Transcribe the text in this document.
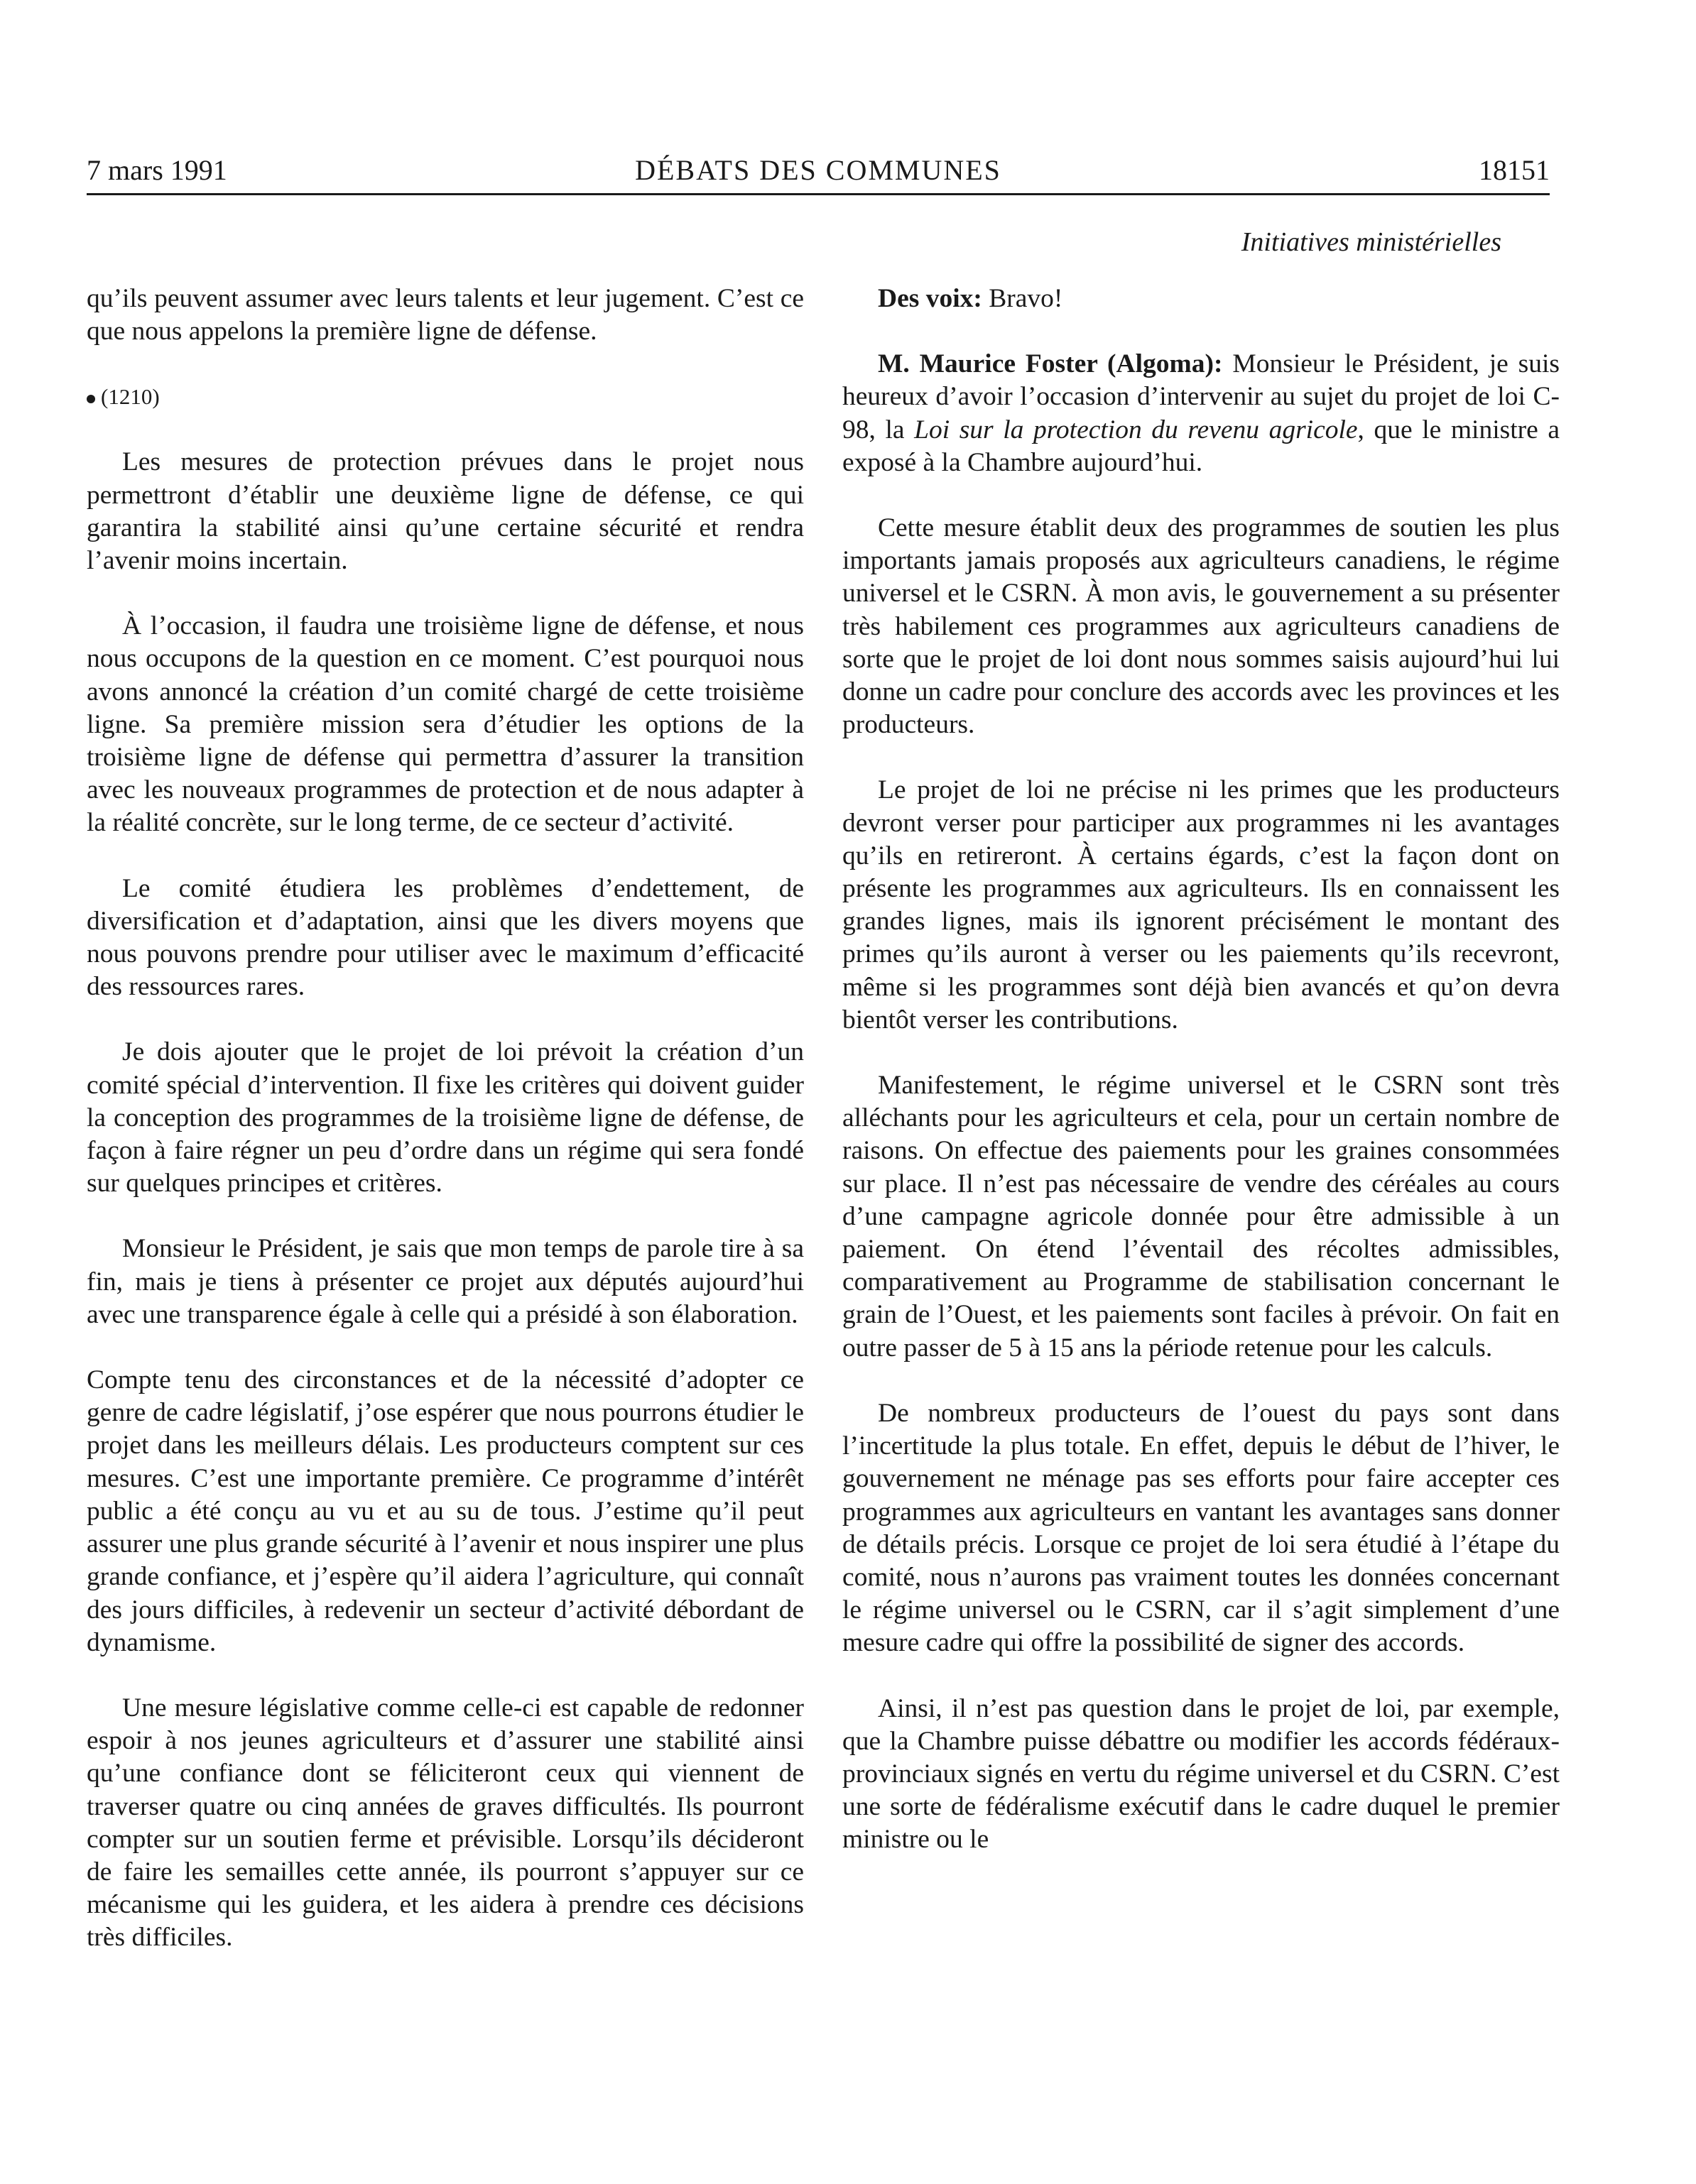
7 mars 1991	DÉBATS DES COMMUNES	18151
Initiatives ministérielles

qu’ils peuvent assumer avec leurs talents et leur jugement. C’est ce que nous appelons la première ligne de défense.

(1210)

Les mesures de protection prévues dans le projet nous permettront d’établir une deuxième ligne de défense, ce qui garantira la stabilité ainsi qu’une certaine sécurité et rendra l’avenir moins incertain.

À l’occasion, il faudra une troisième ligne de défense, et nous nous occupons de la question en ce moment. C’est pourquoi nous avons annoncé la création d’un comité chargé de cette troisième ligne. Sa première mission sera d’étudier les options de la troisième ligne de défense qui permettra d’assurer la transition avec les nouveaux programmes de protection et de nous adapter à la réalité concrète, sur le long terme, de ce secteur d’activité.

Le comité étudiera les problèmes d’endettement, de diversification et d’adaptation, ainsi que les divers moyens que nous pouvons prendre pour utiliser avec le maximum d’efficacité des ressources rares.

Je dois ajouter que le projet de loi prévoit la création d’un comité spécial d’intervention. Il fixe les critères qui doivent guider la conception des programmes de la troisième ligne de défense, de façon à faire régner un peu d’ordre dans un régime qui sera fondé sur quelques principes et critères.

Monsieur le Président, je sais que mon temps de parole tire à sa fin, mais je tiens à présenter ce projet aux députés aujourd’hui avec une transparence égale à celle qui a présidé à son élaboration.

Compte tenu des circonstances et de la nécessité d’adopter ce genre de cadre législatif, j’ose espérer que nous pourrons étudier le projet dans les meilleurs délais. Les producteurs comptent sur ces mesures. C’est une importante première. Ce programme d’intérêt public a été conçu au vu et au su de tous. J’estime qu’il peut assurer une plus grande sécurité à l’avenir et nous inspirer une plus grande confiance, et j’espère qu’il aidera l’agriculture, qui connaît des jours difficiles, à redevenir un secteur d’activité débordant de dynamisme.

Une mesure législative comme celle-ci est capable de redonner espoir à nos jeunes agriculteurs et d’assurer une stabilité ainsi qu’une confiance dont se féliciteront ceux qui viennent de traverser quatre ou cinq années de graves difficultés. Ils pourront compter sur un soutien ferme et prévisible. Lorsqu’ils décideront de faire les semailles cette année, ils pourront s’appuyer sur ce mécanisme qui les guidera, et les aidera à prendre ces décisions très difficiles.

Des voix: Bravo!

M. Maurice Foster (Algoma): Monsieur le Président, je suis heureux d’avoir l’occasion d’intervenir au sujet du projet de loi C-98, la Loi sur la protection du revenu agricole, que le ministre a exposé à la Chambre aujourd’hui.

Cette mesure établit deux des programmes de soutien les plus importants jamais proposés aux agriculteurs canadiens, le régime universel et le CSRN. À mon avis, le gouvernement a su présenter très habilement ces programmes aux agriculteurs canadiens de sorte que le projet de loi dont nous sommes saisis aujourd’hui lui donne un cadre pour conclure des accords avec les provinces et les producteurs.

Le projet de loi ne précise ni les primes que les producteurs devront verser pour participer aux programmes ni les avantages qu’ils en retireront. À certains égards, c’est la façon dont on présente les programmes aux agriculteurs. Ils en connaissent les grandes lignes, mais ils ignorent précisément le montant des primes qu’ils auront à verser ou les paiements qu’ils recevront, même si les programmes sont déjà bien avancés et qu’on devra bientôt verser les contributions.

Manifestement, le régime universel et le CSRN sont très alléchants pour les agriculteurs et cela, pour un certain nombre de raisons. On effectue des paiements pour les graines consommées sur place. Il n’est pas nécessaire de vendre des céréales au cours d’une campagne agricole donnée pour être admissible à un paiement. On étend l’éventail des récoltes admissibles, comparativement au Programme de stabilisation concernant le grain de l’Ouest, et les paiements sont faciles à prévoir. On fait en outre passer de 5 à 15 ans la période retenue pour les calculs.

De nombreux producteurs de l’ouest du pays sont dans l’incertitude la plus totale. En effet, depuis le début de l’hiver, le gouvernement ne ménage pas ses efforts pour faire accepter ces programmes aux agriculteurs en vantant les avantages sans donner de détails précis. Lorsque ce projet de loi sera étudié à l’étape du comité, nous n’aurons pas vraiment toutes les données concernant le régime universel ou le CSRN, car il s’agit simplement d’une mesure cadre qui offre la possibilité de signer des accords.

Ainsi, il n’est pas question dans le projet de loi, par exemple, que la Chambre puisse débattre ou modifier les accords fédéraux-provinciaux signés en vertu du régime universel et du CSRN. C’est une sorte de fédéralisme exécutif dans le cadre duquel le premier ministre ou le
